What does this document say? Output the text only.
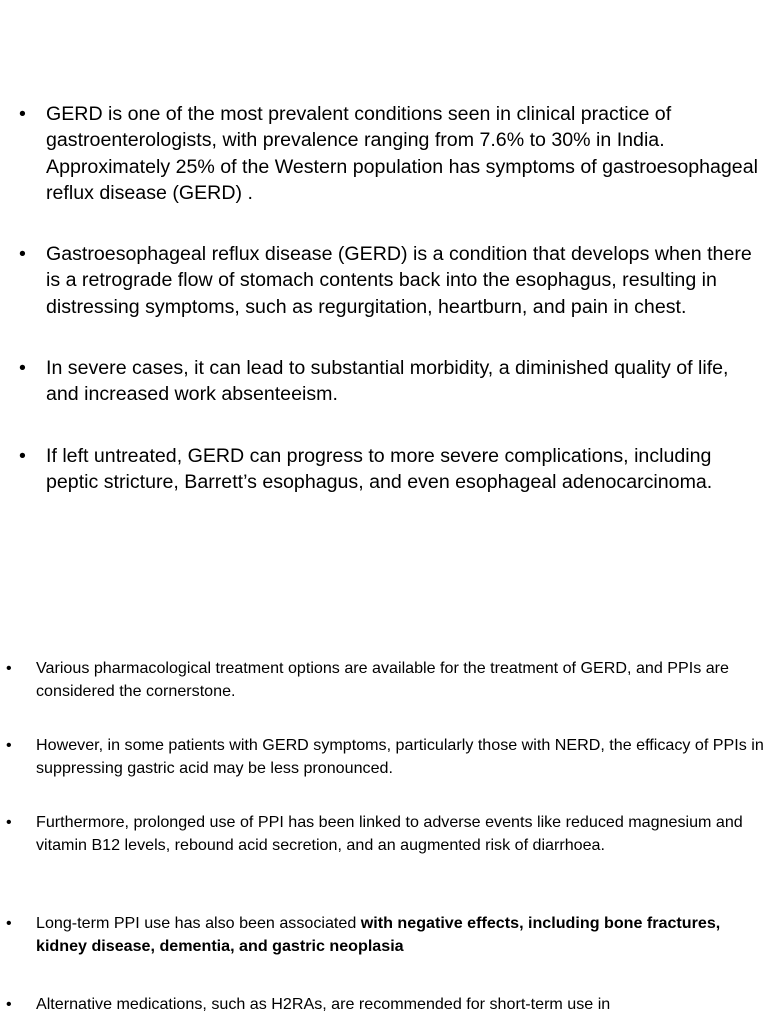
• GERD is one of the most prevalent conditions seen in clinical practice of gastroenterologists, with prevalence ranging from 7.6% to 30% in India. Approximately 25% of the Western population has symptoms of gastroesophageal reflux disease (GERD) .
• Gastroesophageal reflux disease (GERD) is a condition that develops when there is a retrograde flow of stomach contents back into the esophagus, resulting in distressing symptoms, such as regurgitation, heartburn, and pain in chest.
• In severe cases, it can lead to substantial morbidity, a diminished quality of life, and increased work absenteeism.
• If left untreated, GERD can progress to more severe complications, including peptic stricture, Barrett’s esophagus, and even esophageal adenocarcinoma.
• Various pharmacological treatment options are available for the treatment of GERD, and PPIs are considered the cornerstone.
• However, in some patients with GERD symptoms, particularly those with NERD, the efficacy of PPIs in suppressing gastric acid may be less pronounced.
• Furthermore, prolonged use of PPI has been linked to adverse events like reduced magnesium and vitamin B12 levels, rebound acid secretion, and an augmented risk of diarrhoea.
• Long-term PPI use has also been associated with negative effects, including bone fractures, kidney disease, dementia, and gastric neoplasia
• Alternative medications, such as H2RAs, are recommended for short-term use in
